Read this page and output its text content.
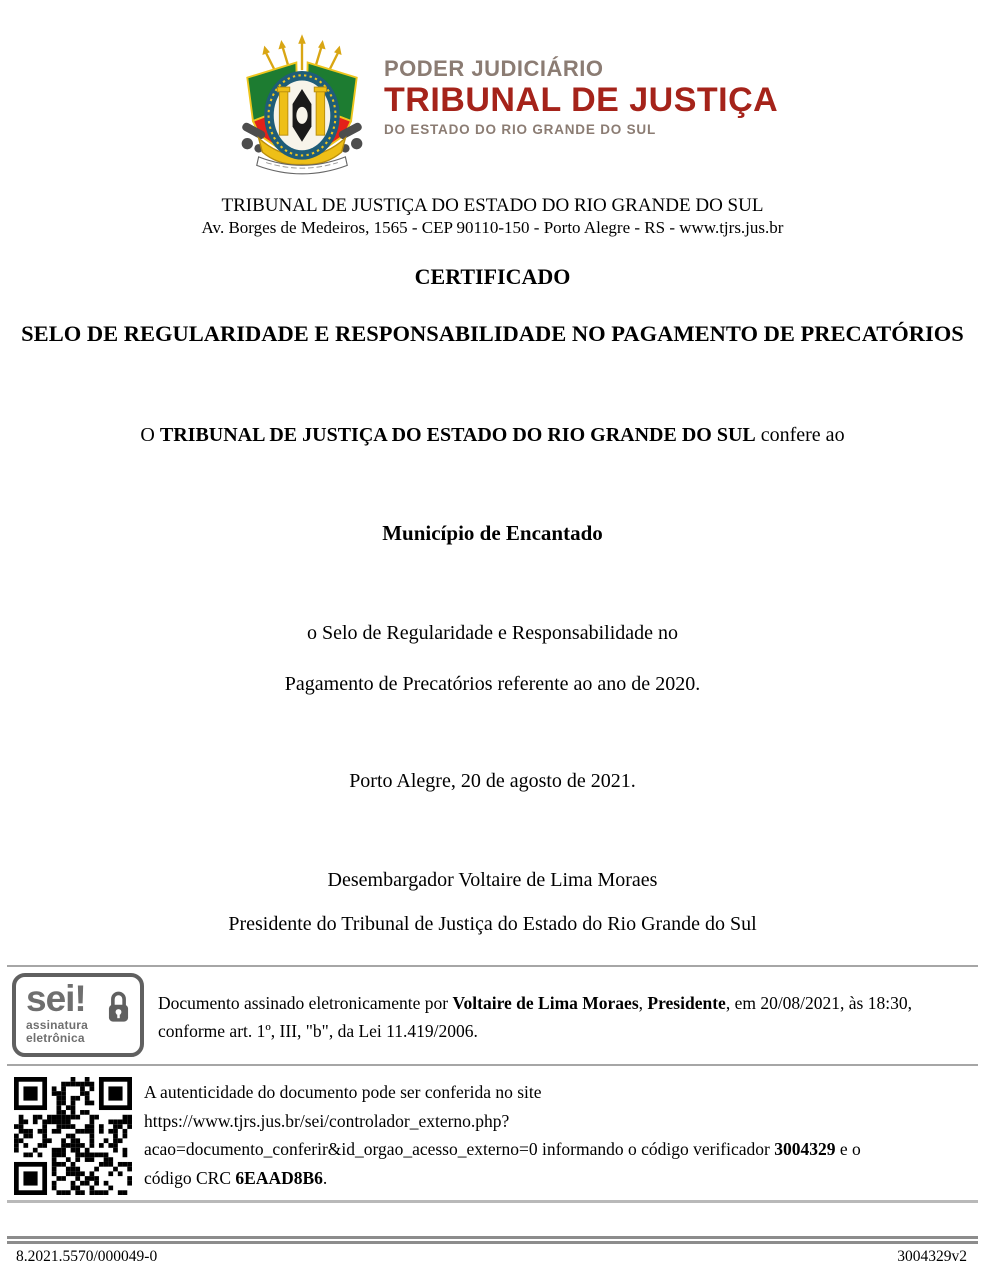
PODER JUDICIÁRIO
TRIBUNAL DE JUSTIÇA
DO ESTADO DO RIO GRANDE DO SUL
TRIBUNAL DE JUSTIÇA DO ESTADO DO RIO GRANDE DO SUL
Av. Borges de Medeiros, 1565 - CEP 90110-150 - Porto Alegre - RS - www.tjrs.jus.br
CERTIFICADO
SELO DE REGULARIDADE E RESPONSABILIDADE NO PAGAMENTO DE PRECATÓRIOS
O TRIBUNAL DE JUSTIÇA DO ESTADO DO RIO GRANDE DO SUL confere ao
Município de Encantado
o Selo de Regularidade e Responsabilidade no
Pagamento de Precatórios referente ao ano de 2020.
Porto Alegre, 20 de agosto de 2021.
Desembargador Voltaire de Lima Moraes
Presidente do Tribunal de Justiça do Estado do Rio Grande do Sul
sei!
assinatura
eletrônica
Documento assinado eletronicamente por Voltaire de Lima Moraes, Presidente, em 20/08/2021, às 18:30, conforme art. 1º, III, "b", da Lei 11.419/2006.
A autenticidade do documento pode ser conferida no site
https://www.tjrs.jus.br/sei/controlador_externo.php?
acao=documento_conferir&id_orgao_acesso_externo=0 informando o código verificador 3004329 e o
código CRC 6EAAD8B6.
8.2021.5570/000049-0	3004329v2
